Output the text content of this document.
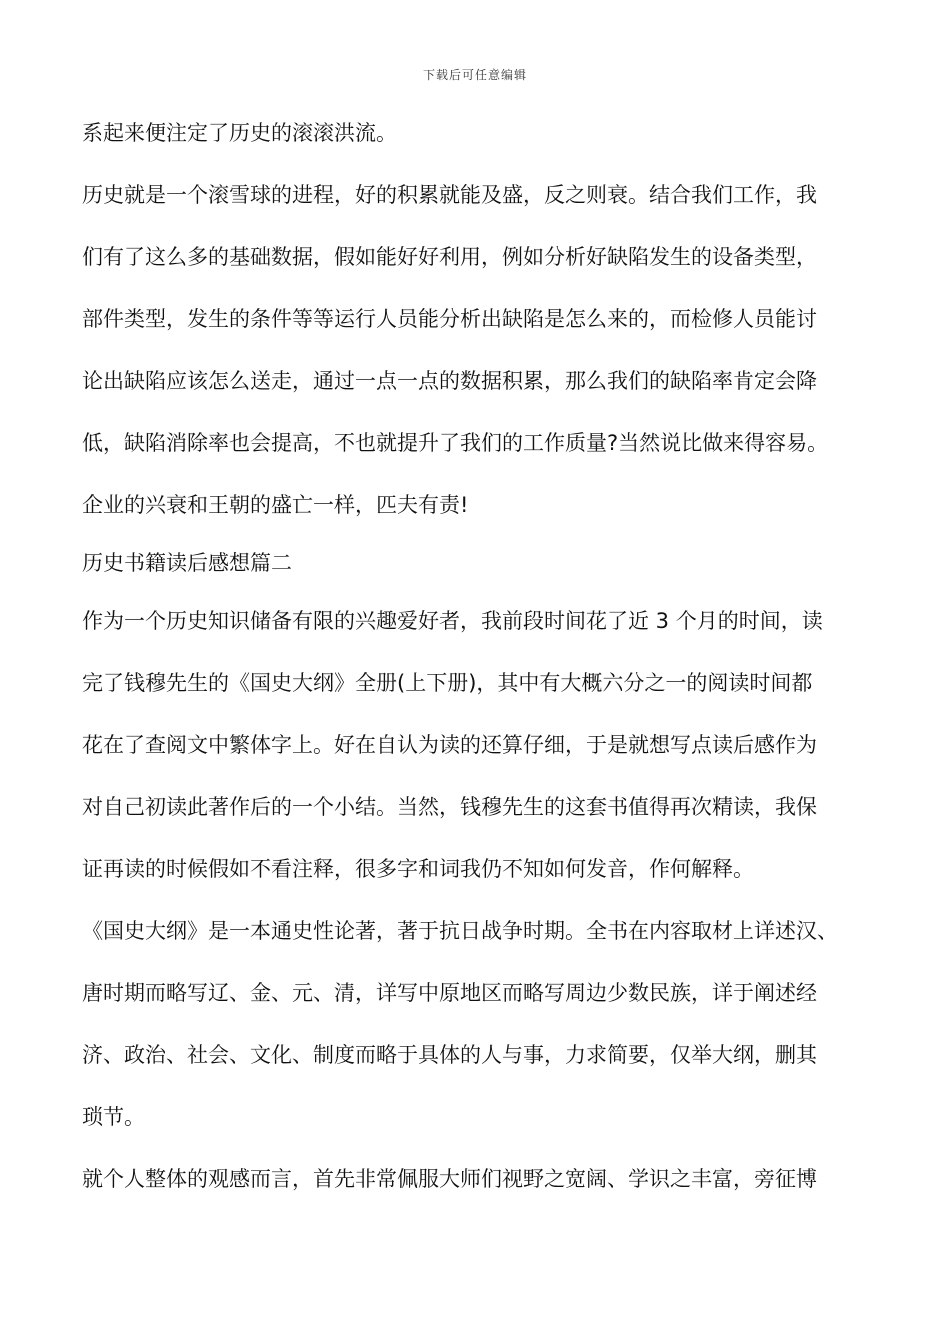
下载后可任意编辑
系起来便注定了历史的滚滚洪流。
历史就是一个滚雪球的进程，好的积累就能及盛，反之则衰。结合我们工作，我
们有了这么多的基础数据，假如能好好利用，例如分析好缺陷发生的设备类型，
部件类型，发生的条件等等运行人员能分析出缺陷是怎么来的，而检修人员能讨
论出缺陷应该怎么送走，通过一点一点的数据积累，那么我们的缺陷率肯定会降
低，缺陷消除率也会提高，不也就提升了我们的工作质量?当然说比做来得容易。
企业的兴衰和王朝的盛亡一样，匹夫有责!
历史书籍读后感想篇二
作为一个历史知识储备有限的兴趣爱好者，我前段时间花了近 3 个月的时间，读
完了钱穆先生的《国史大纲》全册(上下册)，其中有大概六分之一的阅读时间都
花在了查阅文中繁体字上。好在自认为读的还算仔细，于是就想写点读后感作为
对自己初读此著作后的一个小结。当然，钱穆先生的这套书值得再次精读，我保
证再读的时候假如不看注释，很多字和词我仍不知如何发音，作何解释。
《国史大纲》是一本通史性论著，著于抗日战争时期。全书在内容取材上详述汉、
唐时期而略写辽、金、元、清，详写中原地区而略写周边少数民族，详于阐述经
济、政治、社会、文化、制度而略于具体的人与事，力求简要，仅举大纲，删其
琐节。
就个人整体的观感而言，首先非常佩服大师们视野之宽阔、学识之丰富，旁征博
